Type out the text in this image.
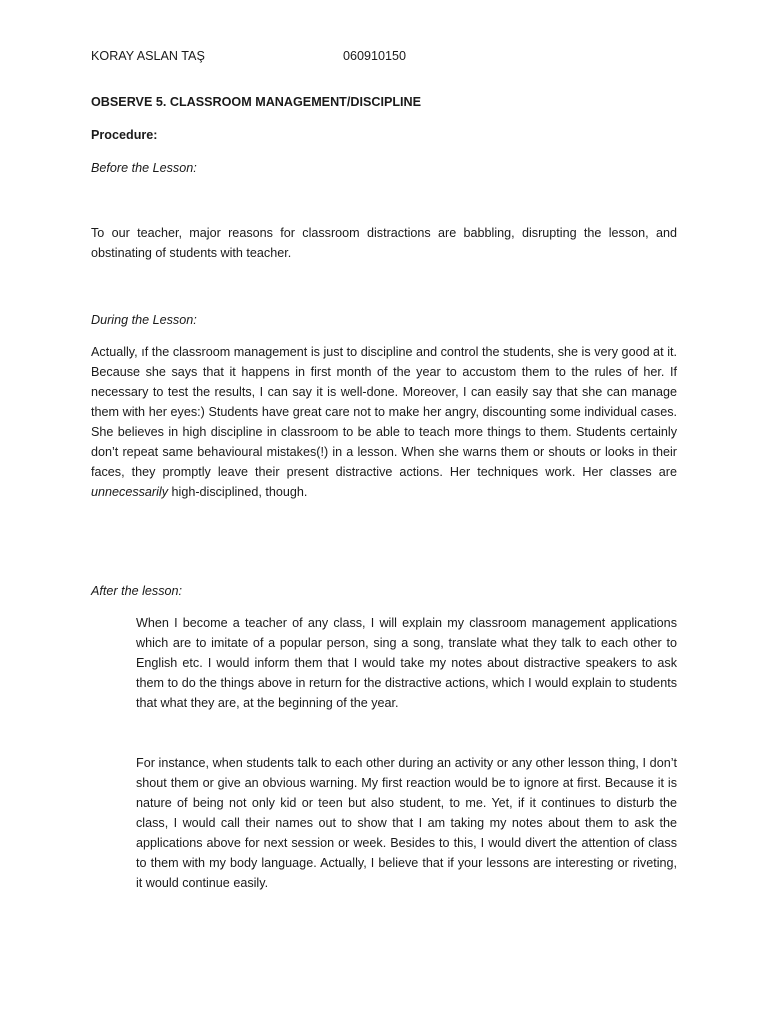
KORAY ASLAN TAŞ	060910150
OBSERVE 5. CLASSROOM MANAGEMENT/DISCIPLINE
Procedure:
Before the Lesson:

To our teacher, major reasons for classroom distractions are babbling, disrupting the lesson, and obstinating of students with teacher.

During the Lesson:

Actually, ıf the classroom management is just to discipline and control the students, she is very good at it. Because she says that it happens in first month of the year to accustom them to the rules of her. If necessary to test the results, I can say it is well-done. Moreover, I can easily say that she can manage them with her eyes:) Students have great care not to make her angry, discounting some individual cases. She believes in high discipline in classroom to be able to teach more things to them. Students certainly don’t repeat same behavioural mistakes(!) in a lesson. When she warns them or shouts or looks in their faces, they promptly leave their present distractive actions. Her techniques work. Her classes are unnecessarily high-disciplined, though.

After the lesson:

When I become a teacher of any class, I will explain my classroom management applications which are to imitate of a popular person, sing a song, translate what they talk to each other to English etc. I would inform them that I would take my notes about distractive speakers to ask them to do the things above in return for the distractive actions, which I would explain to students that what they are, at the beginning of the year.

For instance, when students talk to each other during an activity or any other lesson thing, I don’t shout them or give an obvious warning. My first reaction would be to ignore at first. Because it is nature of being not only kid or teen but also student, to me. Yet, if it continues to disturb the class, I would call their names out to show that I am taking my notes about them to ask the applications above for next session or week. Besides to this, I would divert the attention of class to them with my body language. Actually, I believe that if your lessons are interesting or riveting, it would continue easily.
